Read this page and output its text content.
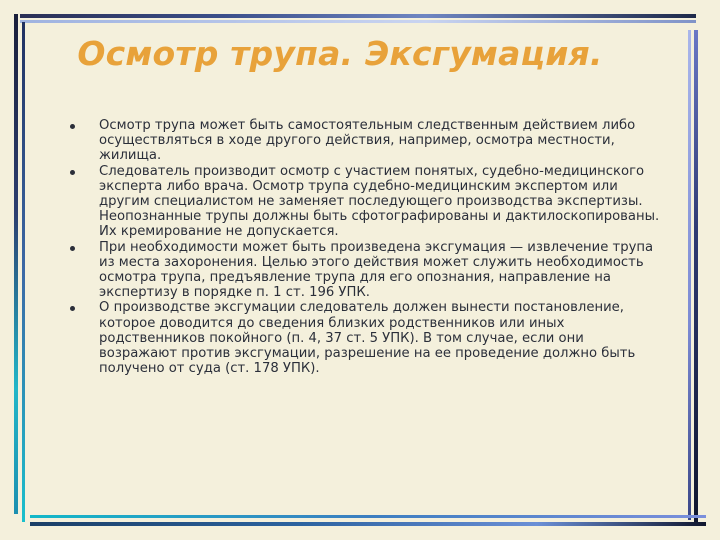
Осмотр трупа. Эксгумация.
Осмотр трупа может быть самостоятельным следственным действием либо осуществляться в ходе другого действия, например, осмотра местности, жилища.
Следователь производит осмотр с участием понятых, судебно-медицинского эксперта либо врача. Осмотр трупа судебно-медицинским экспертом или другим специалистом не заменяет последующего производства экспертизы. Неопознанные трупы должны быть сфотографированы и дактилоскопированы. Их кремирование не допускается.
При необходимости может быть произведена эксгумация — извлечение трупа из места захоронения. Целью этого действия может служить необходимость осмотра трупа, предъявление трупа для его опознания, направление на экспертизу в порядке п. 1 ст. 196 УПК.
О производстве эксгумации следователь должен вынести постановление, которое доводится до сведения близких родственников или иных родственников покойного (п. 4, 37 ст. 5 УПК). В том случае, если они возражают против эксгумации, разрешение на ее проведение должно быть получено от суда (ст. 178 УПК).
